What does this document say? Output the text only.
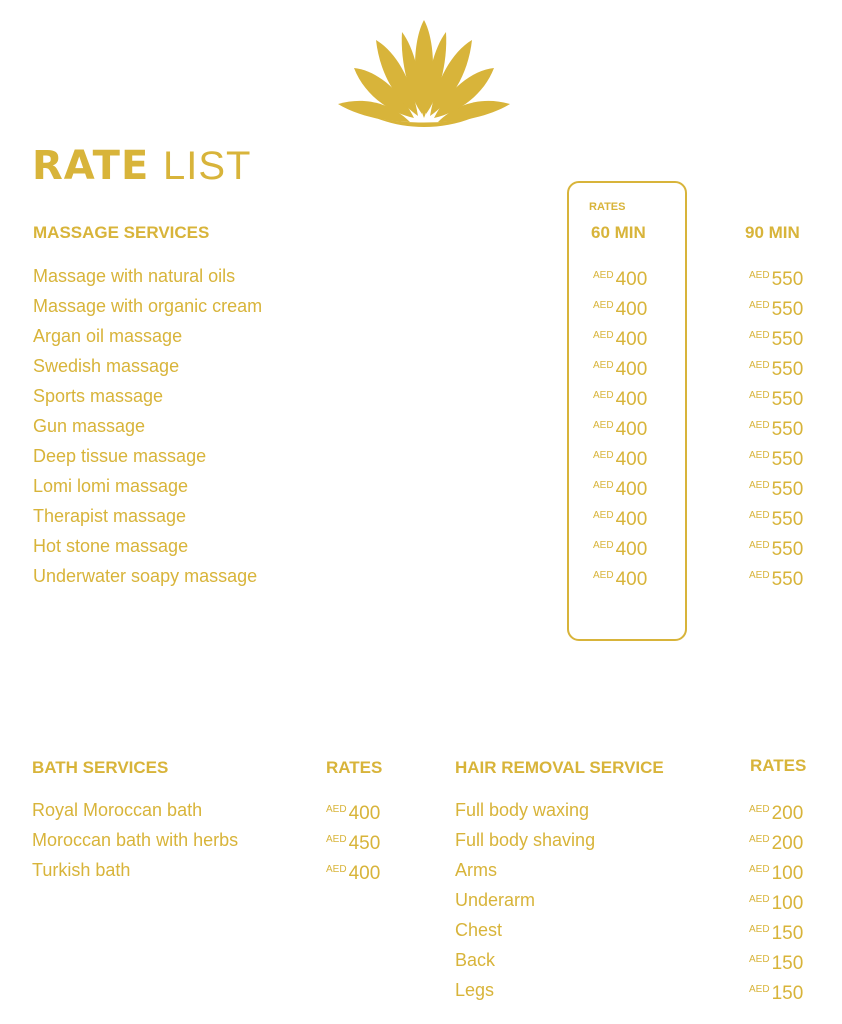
RATE LIST
MASSAGE SERVICES
RATES
60 MIN	90 MIN
Massage with natural oils	$^{AED}$ 400	$^{AED}$ 550
Massage with organic cream	$^{AED}$ 400	$^{AED}$ 550
Argan oil massage	$^{AED}$ 400	$^{AED}$ 550
Swedish massage	$^{AED}$ 400	$^{AED}$ 550
Sports massage	$^{AED}$ 400	$^{AED}$ 550
Gun massage	$^{AED}$ 400	$^{AED}$ 550
Deep tissue massage	$^{AED}$ 400	$^{AED}$ 550
Lomi lomi massage	$^{AED}$ 400	$^{AED}$ 550
Therapist massage	$^{AED}$ 400	$^{AED}$ 550
Hot stone massage	$^{AED}$ 400	$^{AED}$ 550
Underwater soapy massage	$^{AED}$ 400	$^{AED}$ 550
BATH SERVICES	RATES
Royal Moroccan bath	$^{AED}$ 400
Moroccan bath with herbs	$^{AED}$ 450
Turkish bath	$^{AED}$ 400
HAIR REMOVAL SERVICE	RATES
Full body waxing	$^{AED}$ 200
Full body shaving	$^{AED}$ 200
Arms	$^{AED}$ 100
Underarm	$^{AED}$ 100
Chest	$^{AED}$ 150
Back	$^{AED}$ 150
Legs	$^{AED}$ 150
